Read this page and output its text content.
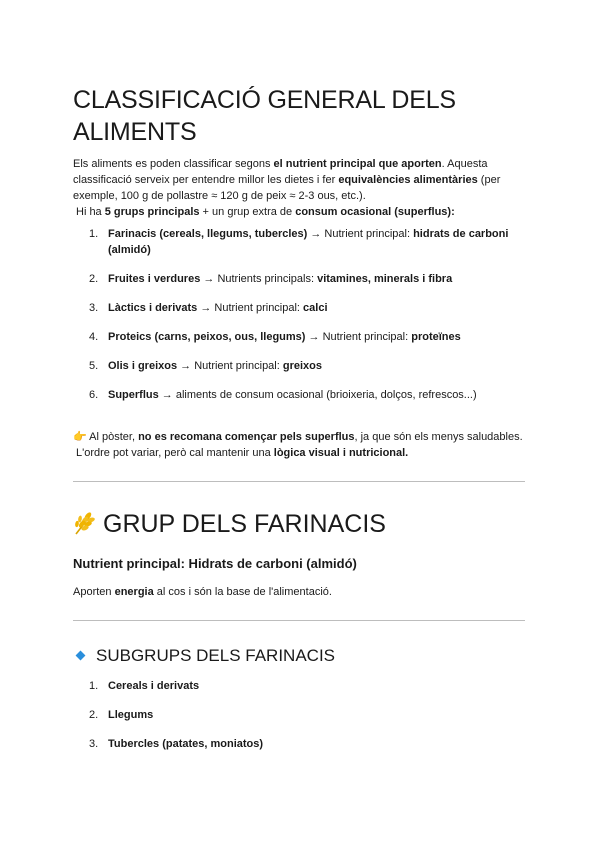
CLASSIFICACIÓ GENERAL DELS
ALIMENTS

Els aliments es poden classificar segons el nutrient principal que aporten. Aquesta

classificació serveix per entendre millor les dietes i fer equivalències alimentàries (per

exemple, 100 g de pollastre ≈ 120 g de peix ≈ 2-3 ous, etc.).

Hi ha 5 grups principals + un grup extra de consum ocasional (superflus):

1. Farinacis (cereals, llegums, tubercles) → Nutrient principal: hidrats de carboni
(almidó)
2. Fruites i verdures → Nutrients principals: vitamines, minerals i fibra
3. Làctics i derivats → Nutrient principal: calci
4. Proteics (carns, peixos, ous, llegums) → Nutrient principal: proteïnes
5. Olis i greixos → Nutrient principal: greixos
6. Superflus → aliments de consum ocasional (brioixeria, dolços, refrescos...)

👉 Al pòster, no es recomana començar pels superflus, ja que són els menys saludables.

L'ordre pot variar, però cal mantenir una lògica visual i nutricional.

GRUP DELS FARINACIS
Nutrient principal: Hidrats de carboni (almidó)
Aporten energia al cos i són la base de l'alimentació.
SUBGRUPS DELS FARINACIS
1. Cereals i derivats
2. Llegums
3. Tubercles (patates, moniatos)
